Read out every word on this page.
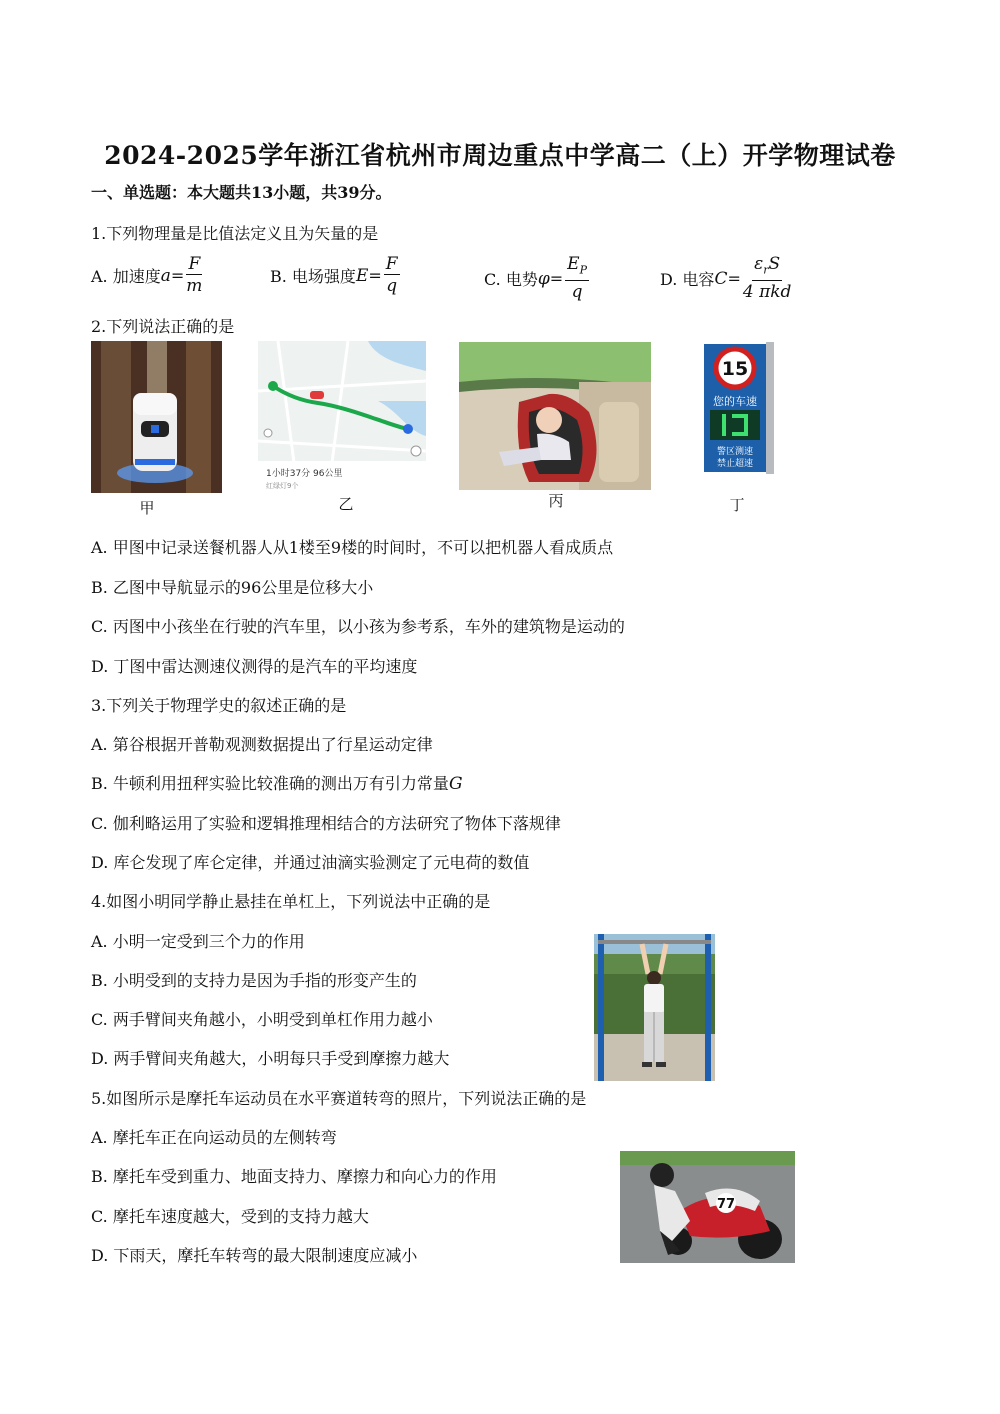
2024-2025学年浙江省杭州市周边重点中学高二（上）开学物理试卷
一、单选题：本大题共13小题，共39分。
1.下列物理量是比值法定义且为矢量的是
A. 加速度 $a = \frac{F}{m}$	B. 电场强度 $E = \frac{F}{q}$	C. 电势 $\varphi = \frac{E_P}{q}$	D. 电容 $C = \frac{\varepsilon_rS}{\text{4 πkd}}$
2.下列说法正确的是
甲
1小时37分 96公里
红绿灯9个
乙	丙
15
您的车速
警区测速
禁止超速
丁
A. 甲图中记录送餐机器人从1楼至9楼的时间时，不可以把机器人看成质点
B. 乙图中导航显示的96公里是位移大小
C. 丙图中小孩坐在行驶的汽车里，以小孩为参考系，车外的建筑物是运动的
D. 丁图中雷达测速仪测得的是汽车的平均速度
3.下列关于物理学史的叙述正确的是
A. 第谷根据开普勒观测数据提出了行星运动定律
B. 牛顿利用扭秤实验比较准确的测出万有引力常量G
C. 伽利略运用了实验和逻辑推理相结合的方法研究了物体下落规律
D. 库仑发现了库仑定律，并通过油滴实验测定了元电荷的数值
4.如图小明同学静止悬挂在单杠上，下列说法中正确的是
A. 小明一定受到三个力的作用
B. 小明受到的支持力是因为手指的形变产生的
C. 两手臂间夹角越小，小明受到单杠作用力越小
D. 两手臂间夹角越大，小明每只手受到摩擦力越大
5.如图所示是摩托车运动员在水平赛道转弯的照片，下列说法正确的是
A. 摩托车正在向运动员的左侧转弯
B. 摩托车受到重力、地面支持力、摩擦力和向心力的作用
C. 摩托车速度越大，受到的支持力越大
D. 下雨天，摩托车转弯的最大限制速度应减小
77
